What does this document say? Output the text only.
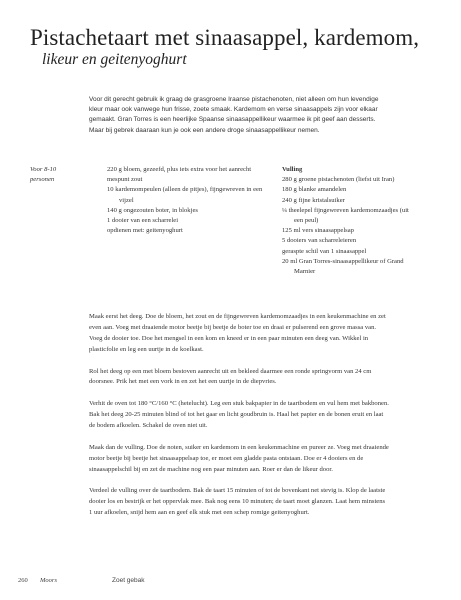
Pistachetaart met sinaasappel, kardemom,
likeur en geitenyoghurt

Voor dit gerecht gebruik ik graag de grasgroene Iraanse pistachenoten, niet alleen om hun levendige kleur maar ook vanwege hun frisse, zoete smaak. Kardemom en verse sinaasappels zijn voor elkaar gemaakt. Gran Torres is een heerlijke Spaanse sinaasappellikeur waarmee ik pit geef aan desserts. Maar bij gebrek daaraan kun je ook een andere droge sinaasappellikeur nemen.

Voor 8-10
personen
220 g bloem, gezeefd, plus iets extra voor het aanrecht
mespunt zout
10 kardemompeulen (alleen de pitjes), fijngewreven in een vijzel
140 g ongezouten boter, in blokjes
1 dooier van een scharrelei
opdienen met: geitenyoghurt
Vulling
280 g groene pistachenoten (liefst uit Iran)
180 g blanke amandelen
240 g fijne kristalsuiker
¼ theelepel fijngewreven kardemomzaadjes (uit een peul)
125 ml vers sinaasappelsap
5 dooiers van scharreleieren
geraspte schil van 1 sinaasappel
20 ml Gran Torres-sinaasappellikeur of Grand Marnier

Maak eerst het deeg. Doe de bloem, het zout en de fijngewreven kardemomzaadjes in een keukenmachine en zet even aan. Voeg met draaiende motor beetje bij beetje de boter toe en draai er pulserend een grove massa van. Voeg de dooier toe. Doe het mengsel in een kom en kneed er in een paar minuten een deeg van. Wikkel in plasticfolie en leg een uurtje in de koelkast.

Rol het deeg op een met bloem bestoven aanrecht uit en bekleed daarmee een ronde springvorm van 24 cm doorsnee. Prik het met een vork in en zet het een uurtje in de diepvries.

Verhit de oven tot 180 °C/160 °C (hetelucht). Leg een stuk bakpapier in de taartbodem en vul hem met bakbonen. Bak het deeg 20-25 minuten blind of tot het gaar en licht goudbruin is. Haal het papier en de bonen eruit en laat de bodem afkoelen. Schakel de oven niet uit.

Maak dan de vulling. Doe de noten, suiker en kardemom in een keukenmachine en pureer ze. Voeg met draaiende motor beetje bij beetje het sinaasappelsap toe, er moet een gladde pasta ontstaan. Doe er 4 dooiers en de sinaasappelschil bij en zet de machine nog een paar minuten aan. Roer er dan de likeur door.

Verdeel de vulling over de taartbodem. Bak de taart 15 minuten of tot de bovenkant net stevig is. Klop de laatste dooier los en bestrijk er het oppervlak mee. Bak nog eens 10 minuten; de taart moet glanzen. Laat hem minstens 1 uur afkoelen, snijd hem aan en geef elk stuk met een schep romige geitenyoghurt.

260 Moors	Zoet gebak
